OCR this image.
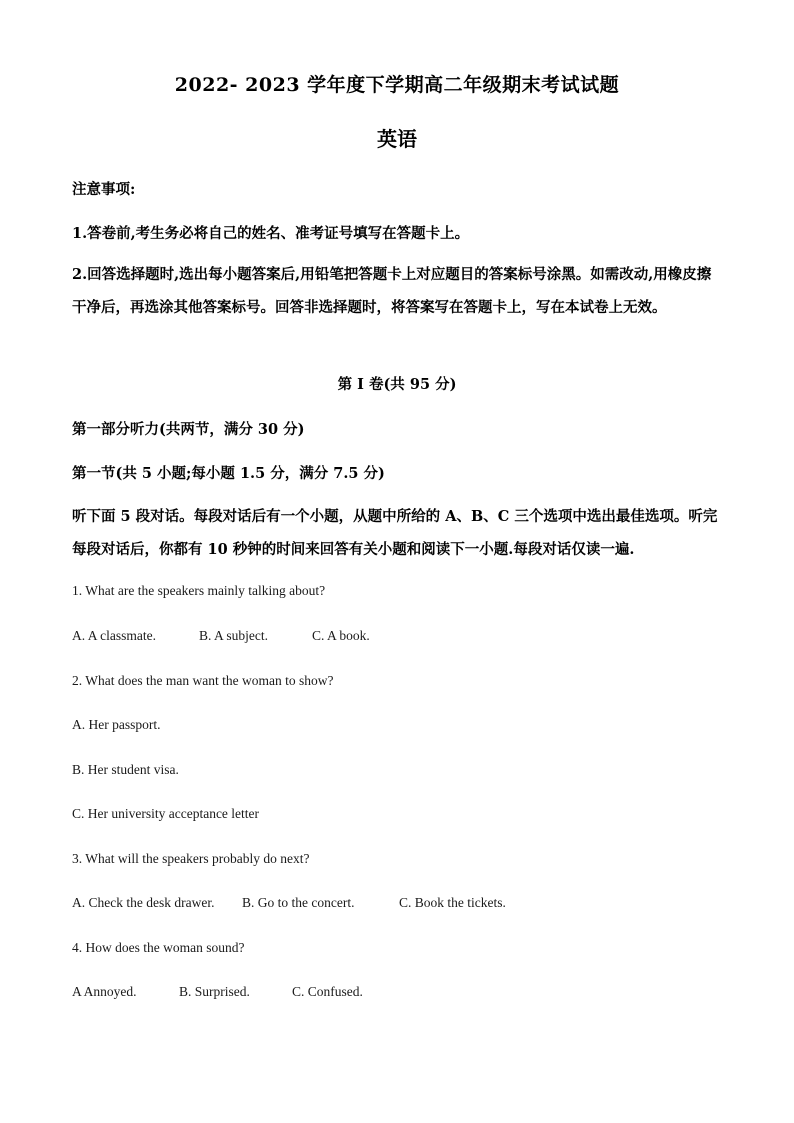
2022- 2023 学年度下学期高二年级期末考试试题
英语
注意事项:
1.答卷前,考生务必将自己的姓名、准考证号填写在答题卡上。
2.回答选择题时,选出每小题答案后,用铅笔把答题卡上对应题目的答案标号涂黑。如需改动,用橡皮擦干净后，再选涂其他答案标号。回答非选择题时，将答案写在答题卡上，写在本试卷上无效。
第 I 卷(共 95 分)
第一部分听力(共两节，满分 30 分)
第一节(共 5 小题;每小题 1.5 分，满分 7.5 分)
听下面 5 段对话。每段对话后有一个小题，从题中所给的 A、B、C 三个选项中选出最佳选项。听完每段对话后，你都有 10 秒钟的时间来回答有关小题和阅读下一小题.每段对话仅读一遍.
1. What are the speakers mainly talking about?
A. A classmate.	B. A subject.	C. A book.
2. What does the man want the woman to show?
A. Her passport.
B. Her student visa.
C. Her university acceptance letter
3. What will the speakers probably do next?
A. Check the desk drawer. B. Go to the concert.	C. Book the tickets.
4. How does the woman sound?
A Annoyed.	B. Surprised.	C. Confused.
